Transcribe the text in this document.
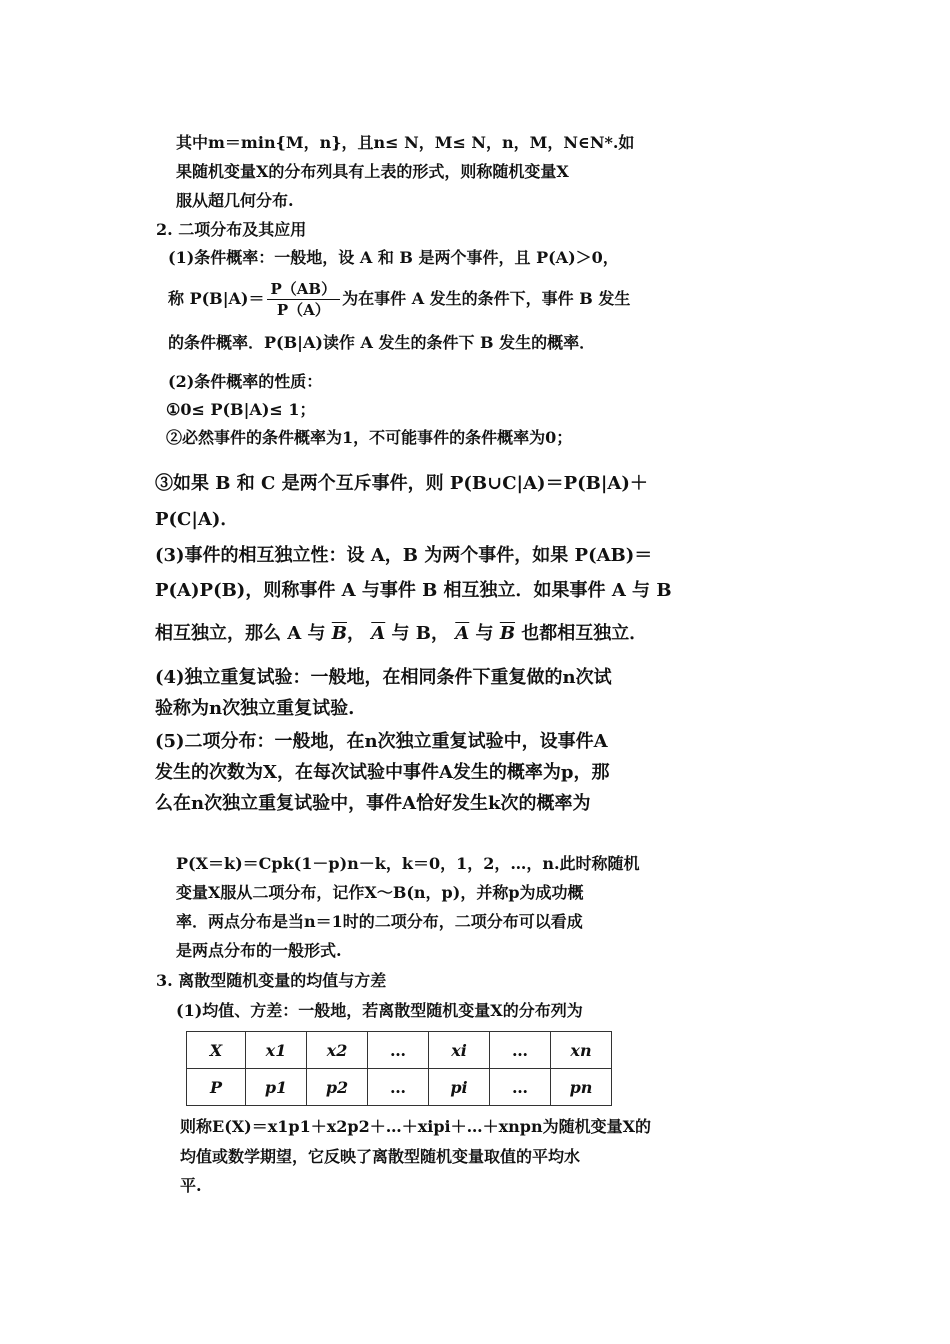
其中m＝min{M，n}，且n≤ N，M≤ N，n，M，N∈N*.如
果随机变量X的分布列具有上表的形式，则称随机变量X
服从超几何分布.
2. 二项分布及其应用
(1)条件概率：一般地，设 A 和 B 是两个事件，且 P(A)＞0，
称 $P(B|A)= \frac{P(AB)}{P(A)}$ 为在事件 A 发生的条件下，事件 B 发生
的条件概率．P(B|A)读作 A 发生的条件下 B 发生的概率．
(2)条件概率的性质：
①0≤ P(B|A)≤ 1；
②必然事件的条件概率为1，不可能事件的条件概率为0；
③如果 B 和 C 是两个互斥事件，则 P(B∪C|A)＝P(B|A)＋
P(C|A)．
(3)事件的相互独立性：设 A，B 为两个事件，如果 P(AB)＝
P(A)P(B)，则称事件 A 与事件 B 相互独立．如果事件 A 与 B
相互独立，那么 A 与 $\overline{B}$， $\overline{A}$ 与 B， $\overline{A}$ 与 $\overline{B}$ 也都相互独立．
(4)独立重复试验：一般地，在相同条件下重复做的n次试
验称为n次独立重复试验.
(5)二项分布：一般地，在n次独立重复试验中，设事件A
发生的次数为X，在每次试验中事件A发生的概率为p，那
么在n次独立重复试验中，事件A恰好发生k次的概率为
P(X＝k)＝Cpk(1－p)n－k，k＝0，1，2，…，n.此时称随机
变量X服从二项分布，记作X～B(n，p)，并称p为成功概
率．两点分布是当n＝1时的二项分布，二项分布可以看成
是两点分布的一般形式.
3. 离散型随机变量的均值与方差
(1)均值、方差：一般地，若离散型随机变量X的分布列为
X	x1	x2	…	xi	…	xn
P	p1	p2	…	pi	…	pn
则称E(X)＝x1p1＋x2p2＋…＋xipi＋…＋xnpn为随机变量X的
均值或数学期望，它反映了离散型随机变量取值的平均水
平.
